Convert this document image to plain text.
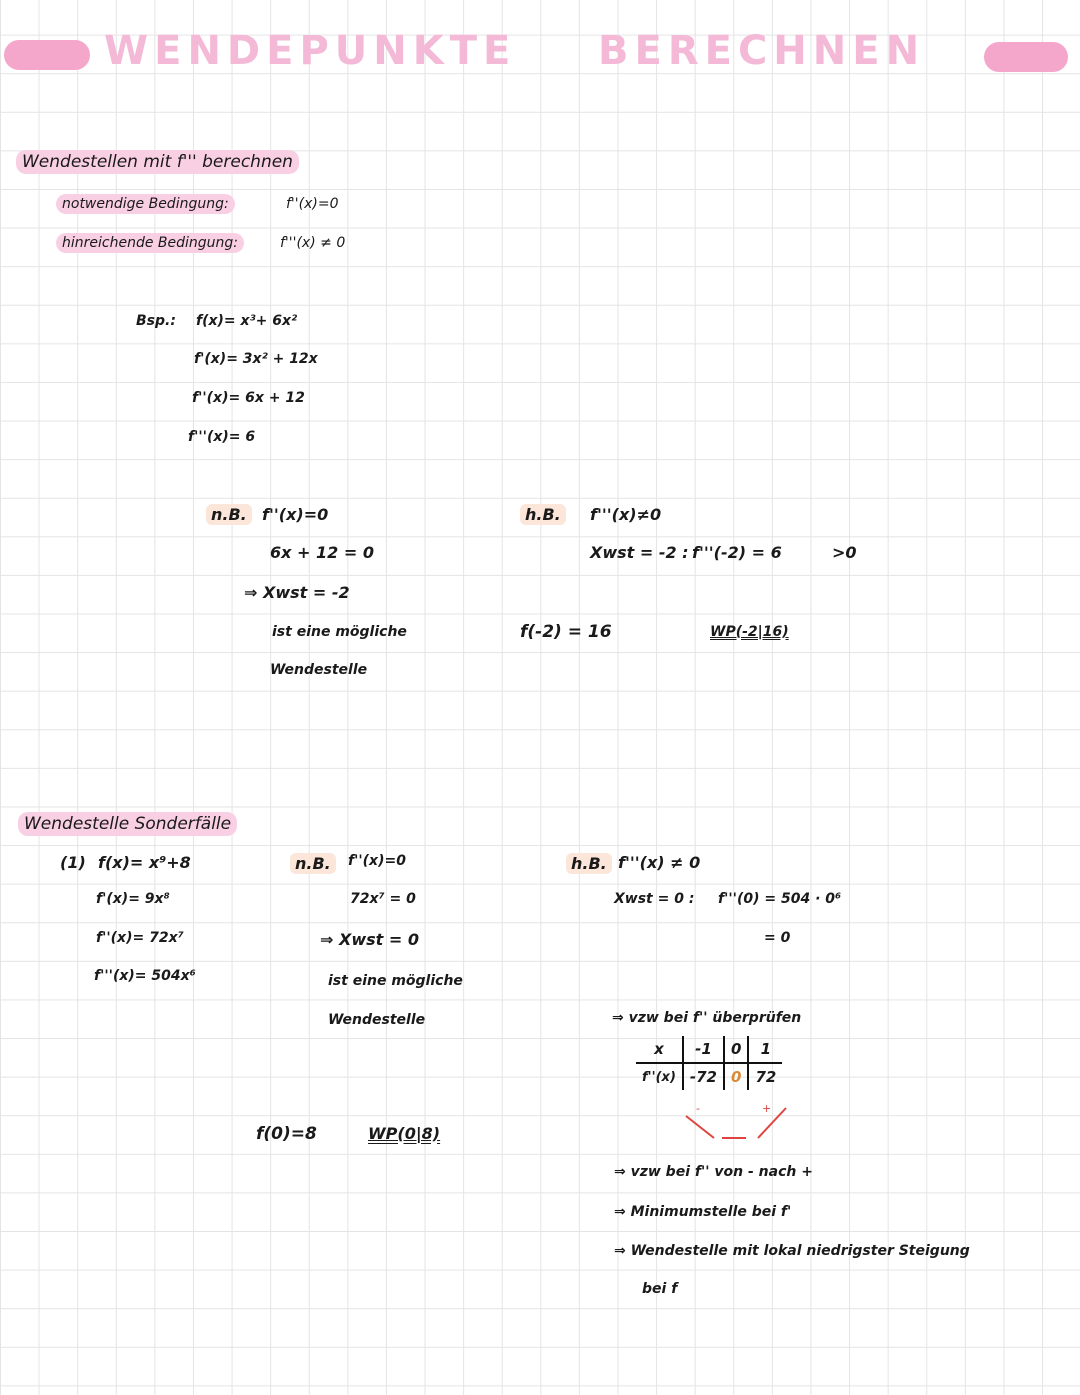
WENDEPUNKTE BERECHNEN
Wendestellen mit f''' berechnen
notwendige Bedingung:	f''(x)=0
hinreichende Bedingung:	f'''(x) ≠ 0
Bsp.: f(x)= x³+ 6x²
f'(x)= 3x² + 12x
f''(x)= 6x + 12
f'''(x)= 6
n.B. f''(x)=0
6x + 12 = 0
⇒ Xwst = -2
ist eine mögliche
Wendestelle
h.B.	f'''(x)≠0
Xwst = -2 : f'''(-2) = 6	>0
f(-2) = 16	WP(-2|16)
Wendestelle Sonderfälle
(1) f(x)= x⁹+8
f'(x)= 9x⁸
f''(x)= 72x⁷
f'''(x)= 504x⁶
n.B.	f''(x)=0
72x⁷ = 0
⇒ Xwst = 0
ist eine mögliche
Wendestelle
f(0)=8	WP(0|8)
h.B. f'''(x) ≠ 0
Xwst = 0 : f'''(0) = 504 · 0⁶
= 0
⇒ vzw bei f'' überprüfen
x	-1	0	1
f''(x)	-72	0	72
-	+
⇒ vzw bei f'' von - nach +
⇒ Minimumstelle bei f'
⇒ Wendestelle mit lokal niedrigster Steigung
bei f
